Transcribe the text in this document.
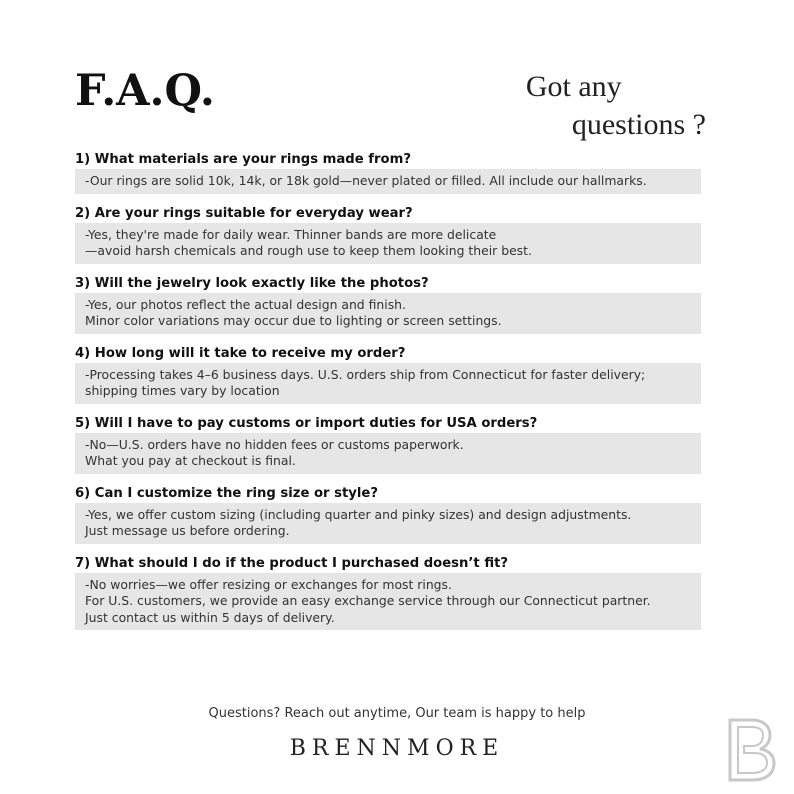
F.A.Q.	Got any
questions ?
1) What materials are your rings made from?
-Our rings are solid 10k, 14k, or 18k gold—never plated or filled. All include our hallmarks.
2) Are your rings suitable for everyday wear?
-Yes, they're made for daily wear. Thinner bands are more delicate
—avoid harsh chemicals and rough use to keep them looking their best.
3) Will the jewelry look exactly like the photos?
-Yes, our photos reflect the actual design and finish.
Minor color variations may occur due to lighting or screen settings.
4) How long will it take to receive my order?
-Processing takes 4–6 business days. U.S. orders ship from Connecticut for faster delivery;
shipping times vary by location
5) Will I have to pay customs or import duties for USA orders?
-No—U.S. orders have no hidden fees or customs paperwork.
What you pay at checkout is final.
6) Can I customize the ring size or style?
-Yes, we offer custom sizing (including quarter and pinky sizes) and design adjustments.
Just message us before ordering.
7) What should I do if the product I purchased doesn’t fit?
-No worries—we offer resizing or exchanges for most rings.
For U.S. customers, we provide an easy exchange service through our Connecticut partner.
Just contact us within 5 days of delivery.
Questions? Reach out anytime, Our team is happy to help
BRENNMORE
